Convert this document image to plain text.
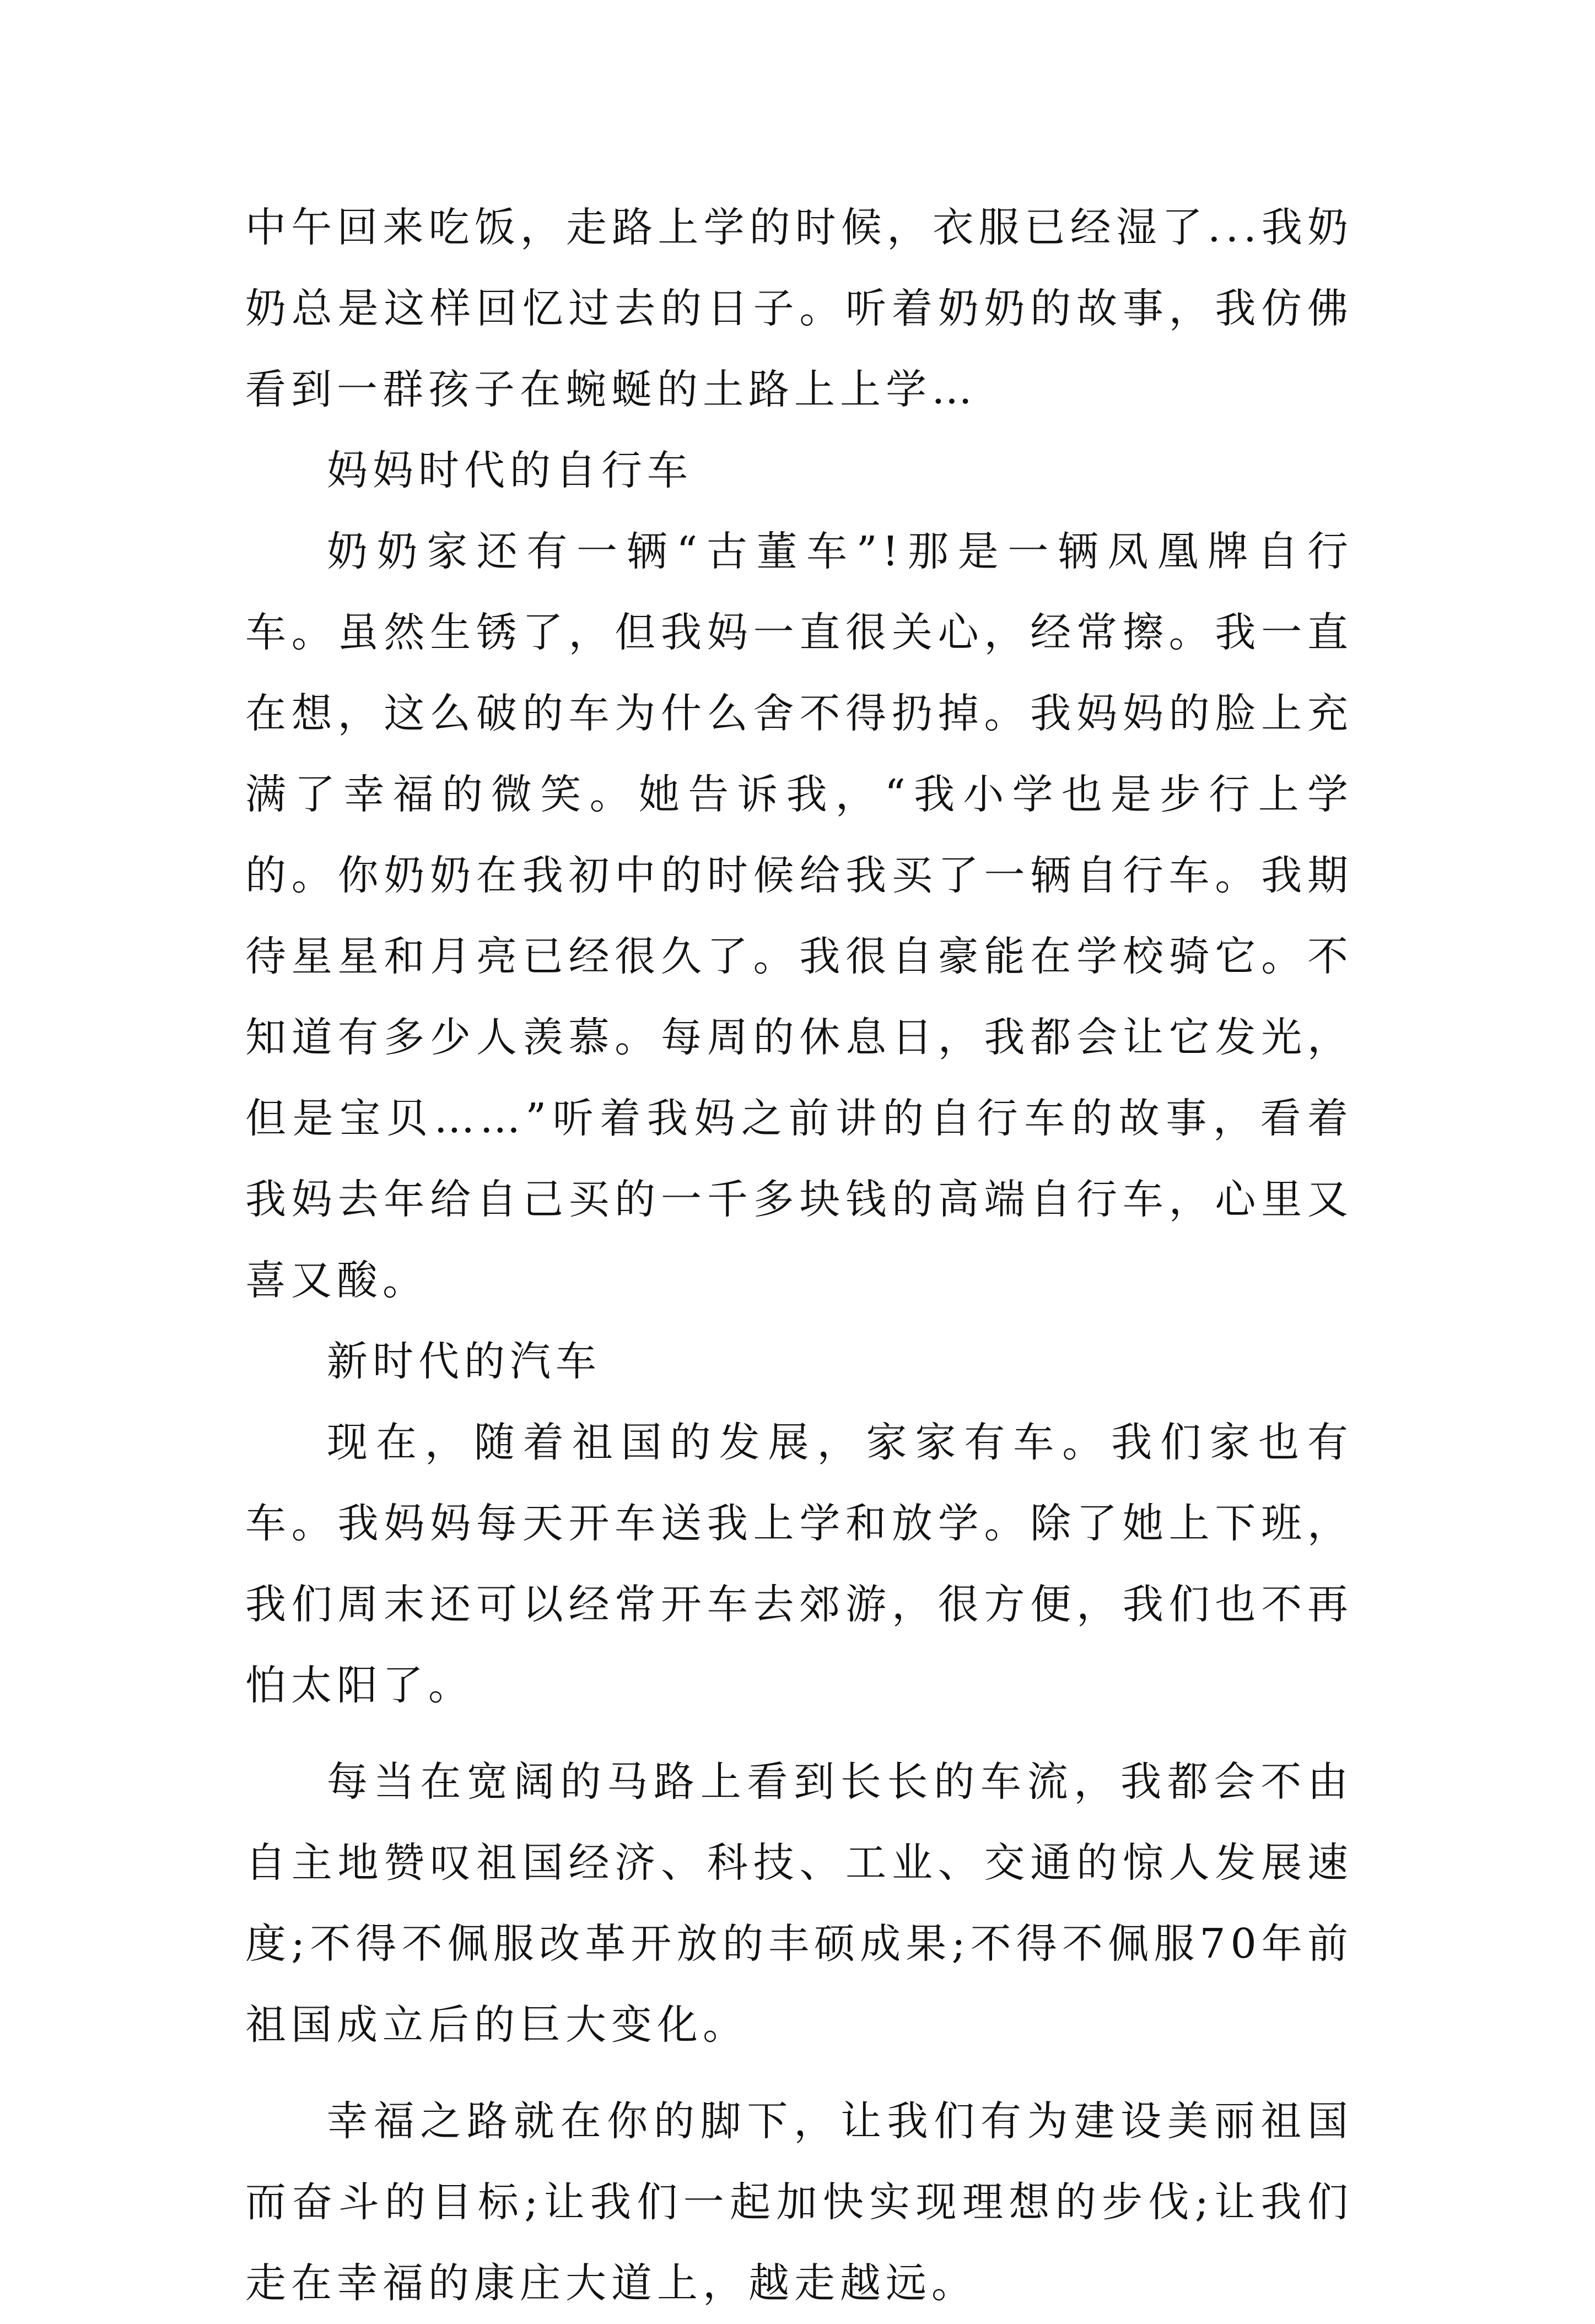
中午回来吃饭，走路上学的时候，衣服已经湿了...我奶奶总是这样回忆过去的日子。听着奶奶的故事，我仿佛看到一群孩子在蜿蜒的土路上上学…

妈妈时代的自行车

奶奶家还有一辆“古董车”!那是一辆凤凰牌自行车。虽然生锈了，但我妈一直很关心，经常擦。我一直在想，这么破的车为什么舍不得扔掉。我妈妈的脸上充满了幸福的微笑。她告诉我，“我小学也是步行上学的。你奶奶在我初中的时候给我买了一辆自行车。我期待星星和月亮已经很久了。我很自豪能在学校骑它。不知道有多少人羡慕。每周的休息日，我都会让它发光，但是宝贝……”听着我妈之前讲的自行车的故事，看着我妈去年给自己买的一千多块钱的高端自行车，心里又喜又酸。

新时代的汽车

现在，随着祖国的发展，家家有车。我们家也有车。我妈妈每天开车送我上学和放学。除了她上下班，我们周末还可以经常开车去郊游，很方便，我们也不再怕太阳了。

每当在宽阔的马路上看到长长的车流，我都会不由自主地赞叹祖国经济、科技、工业、交通的惊人发展速度;不得不佩服改革开放的丰硕成果;不得不佩服70年前祖国成立后的巨大变化。

幸福之路就在你的脚下，让我们有为建设美丽祖国而奋斗的目标;让我们一起加快实现理想的步伐;让我们走在幸福的康庄大道上，越走越远。
